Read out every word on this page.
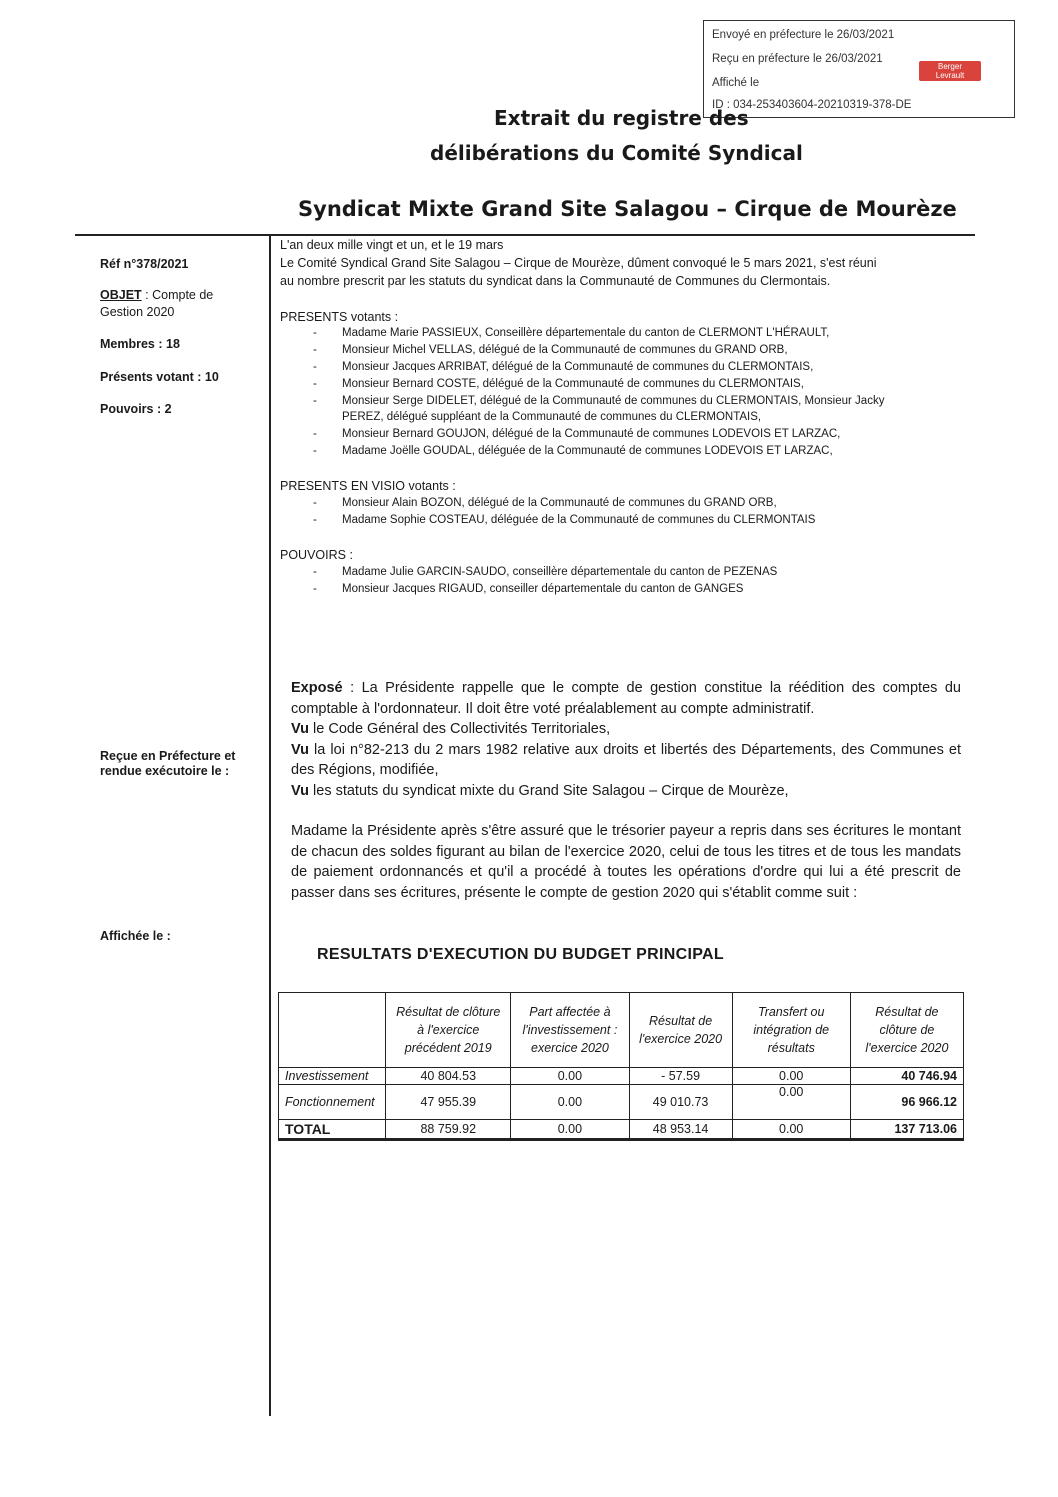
Envoyé en préfecture le 26/03/2021
Reçu en préfecture le 26/03/2021
Affiché le
ID : 034-253403604-20210319-378-DE
Berger
Levrault
Extrait du registre des
délibérations du Comité Syndical
Syndicat Mixte Grand Site Salagou – Cirque de Mourèze
Réf n°378/2021
OBJET : Compte de
Gestion 2020
Membres : 18
Présents votant : 10
Pouvoirs : 2
Reçue en Préfecture et
rendue exécutoire le :
Affichée le :
L'an deux mille vingt et un, et le 19 mars
Le Comité Syndical Grand Site Salagou – Cirque de Mourèze, dûment convoqué le 5 mars 2021, s'est réuni
au nombre prescrit par les statuts du syndicat dans la Communauté de Communes du Clermontais.
PRESENTS votants :
- Madame Marie PASSIEUX, Conseillère départementale du canton de CLERMONT L'HÉRAULT,
- Monsieur Michel VELLAS, délégué de la Communauté de communes du GRAND ORB,
- Monsieur Jacques ARRIBAT, délégué de la Communauté de communes du CLERMONTAIS,
- Monsieur Bernard COSTE, délégué de la Communauté de communes du CLERMONTAIS,
- Monsieur Serge DIDELET, délégué de la Communauté de communes du CLERMONTAIS, Monsieur Jacky
PEREZ, délégué suppléant de la Communauté de communes du CLERMONTAIS,
- Monsieur Bernard GOUJON, délégué de la Communauté de communes LODEVOIS ET LARZAC,
- Madame Joëlle GOUDAL, déléguée de la Communauté de communes LODEVOIS ET LARZAC,
PRESENTS EN VISIO votants :
- Monsieur Alain BOZON, délégué de la Communauté de communes du GRAND ORB,
- Madame Sophie COSTEAU, déléguée de la Communauté de communes du CLERMONTAIS
POUVOIRS :
- Madame Julie GARCIN-SAUDO, conseillère départementale du canton de PEZENAS
- Monsieur Jacques RIGAUD, conseiller départementale du canton de GANGES
Exposé : La Présidente rappelle que le compte de gestion constitue la réédition des comptes du comptable à l'ordonnateur. Il doit être voté préalablement au compte administratif.
Vu le Code Général des Collectivités Territoriales,
Vu la loi n°82-213 du 2 mars 1982 relative aux droits et libertés des Départements, des Communes et des Régions, modifiée,
Vu les statuts du syndicat mixte du Grand Site Salagou – Cirque de Mourèze,
Madame la Présidente après s'être assuré que le trésorier payeur a repris dans ses écritures le montant de chacun des soldes figurant au bilan de l'exercice 2020, celui de tous les titres et de tous les mandats de paiement ordonnancés et qu'il a procédé à toutes les opérations d'ordre qui lui a été prescrit de passer dans ses écritures, présente le compte de gestion 2020 qui s'établit comme suit :
RESULTATS D'EXECUTION DU BUDGET PRINCIPAL
	Résultat de clôture à l'exercice précédent 2019	Part affectée à l'investissement : exercice 2020	Résultat de l'exercice 2020	Transfert ou intégration de résultats	Résultat de clôture de l'exercice 2020
Investissement	40 804.53	0.00	- 57.59	0.00	40 746.94
Fonctionnement	47 955.39	0.00	49 010.73	0.00	96 966.12
TOTAL	88 759.92	0.00	48 953.14	0.00	137 713.06
